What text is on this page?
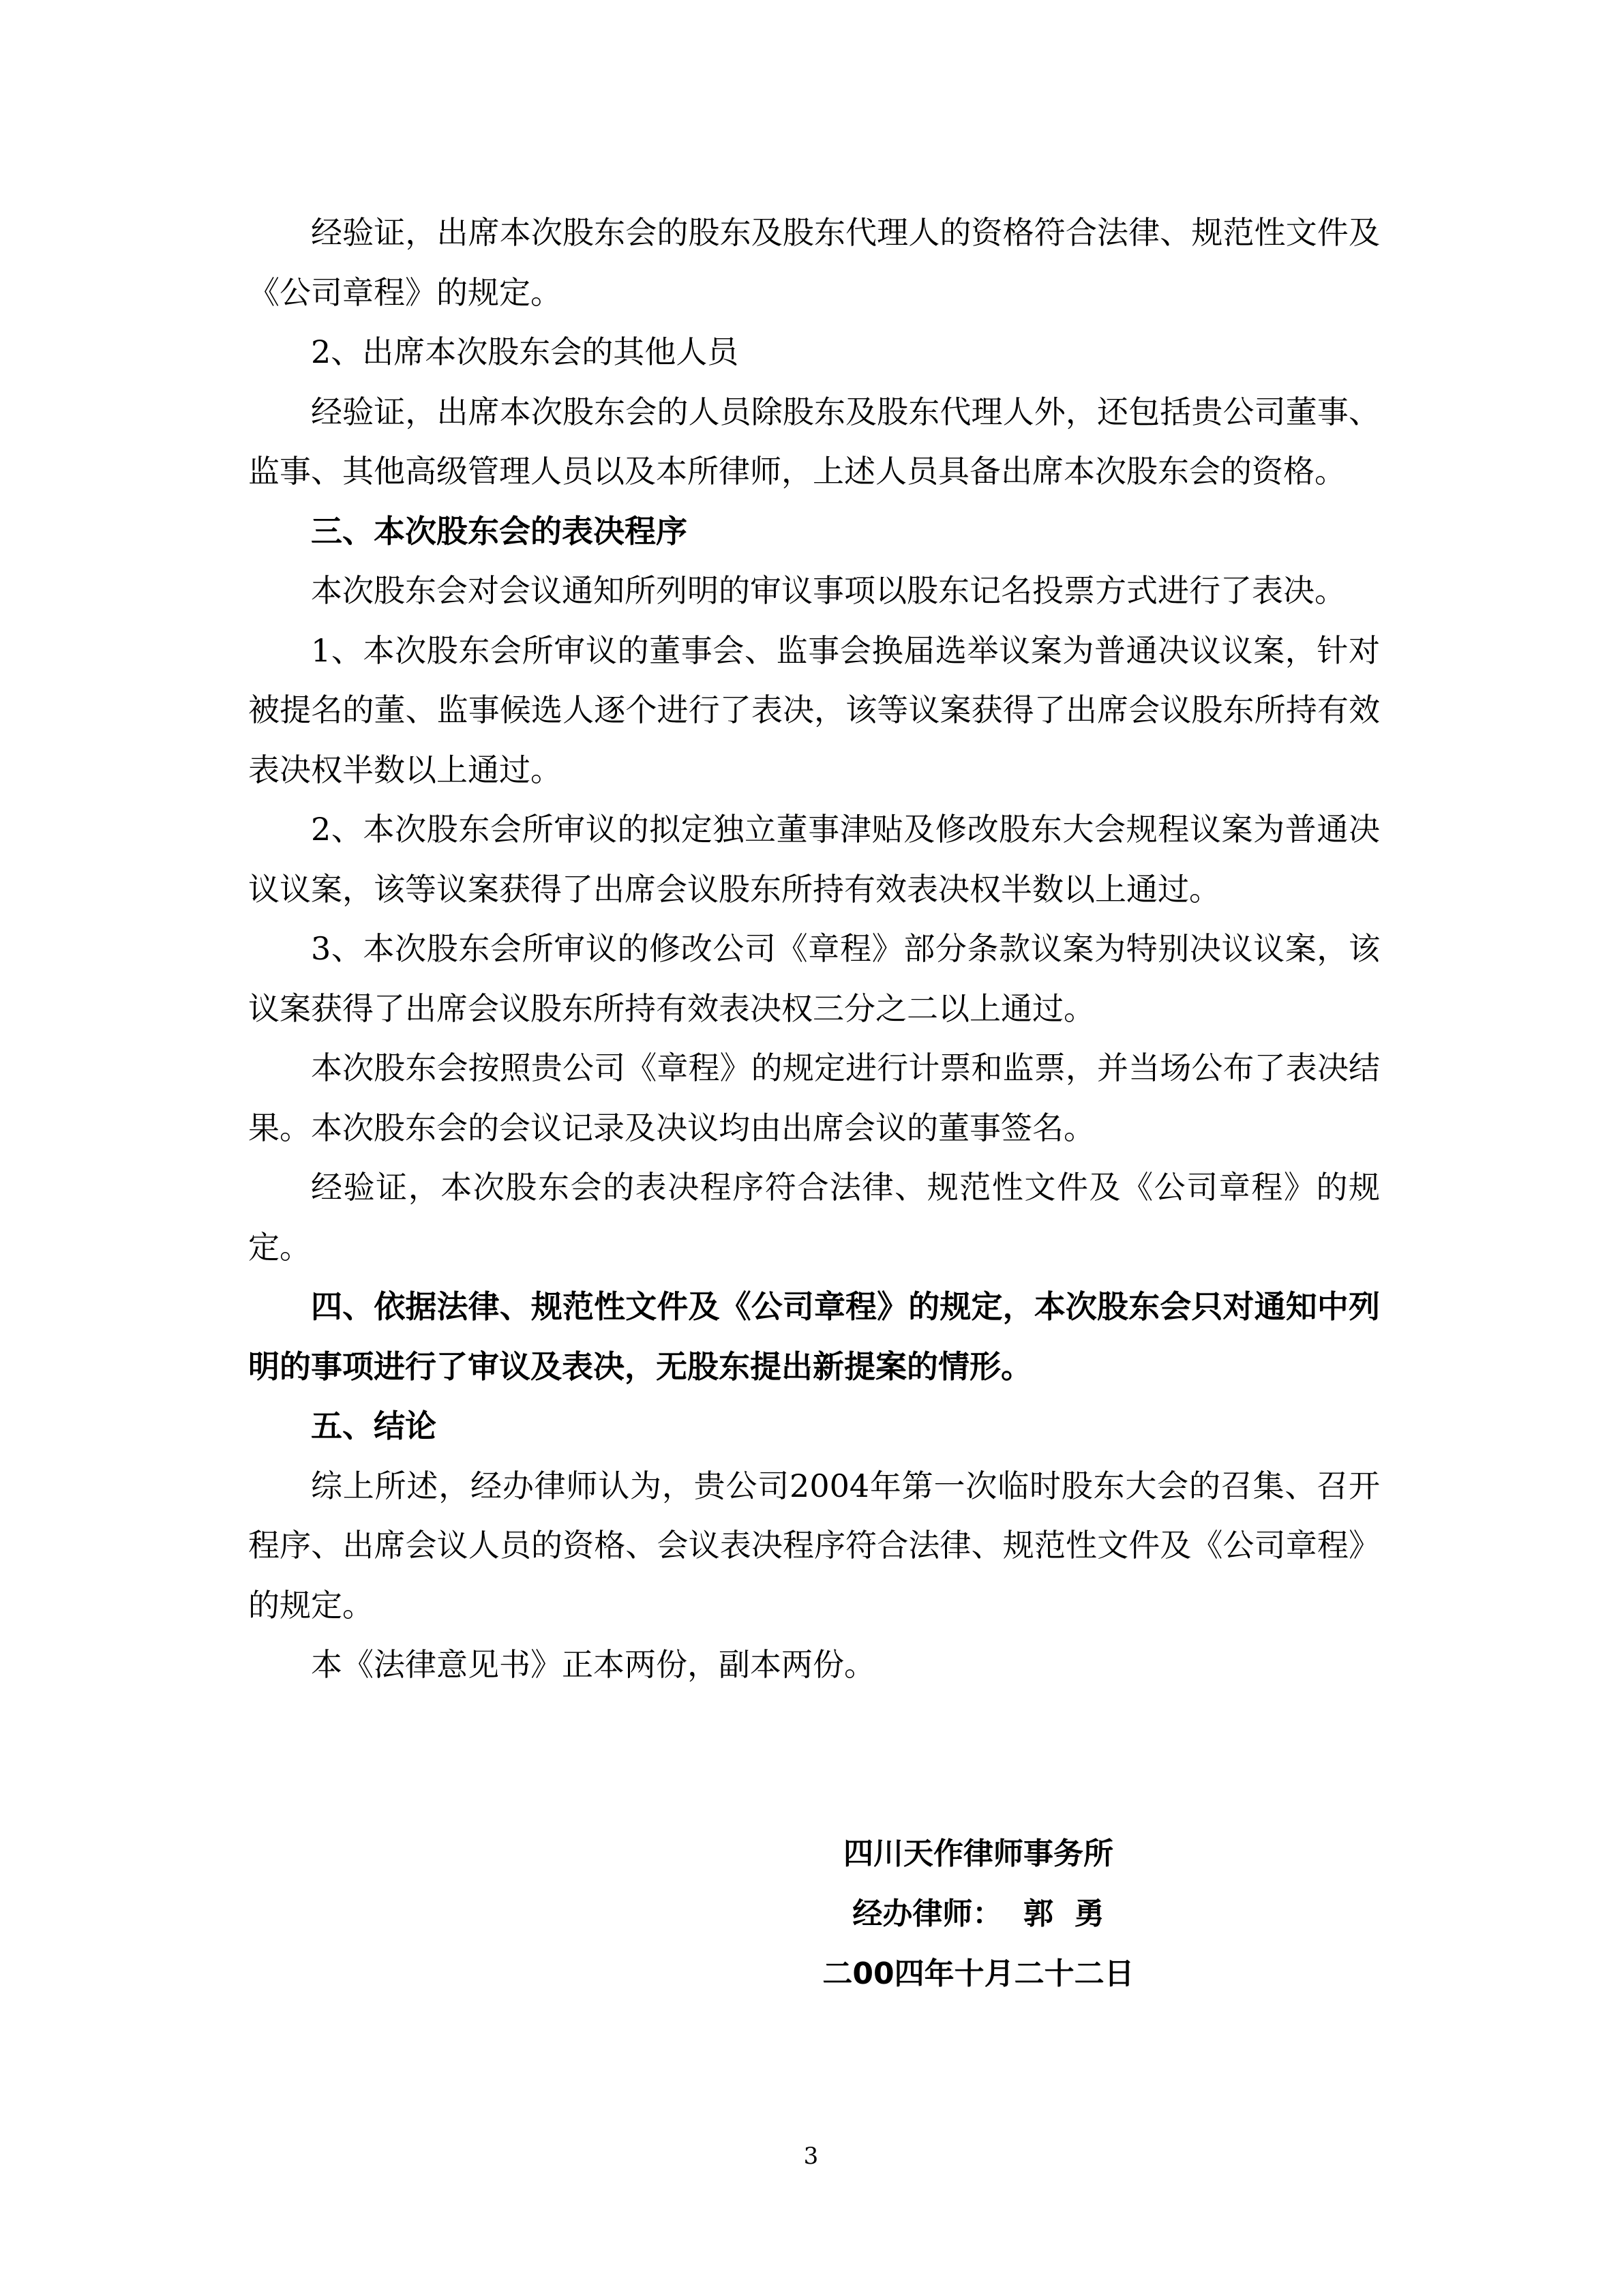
经验证，出席本次股东会的股东及股东代理人的资格符合法律、规范性文件及《公司章程》的规定。

2、出席本次股东会的其他人员

经验证，出席本次股东会的人员除股东及股东代理人外，还包括贵公司董事、监事、其他高级管理人员以及本所律师，上述人员具备出席本次股东会的资格。

三、本次股东会的表决程序

本次股东会对会议通知所列明的审议事项以股东记名投票方式进行了表决。

1、本次股东会所审议的董事会、监事会换届选举议案为普通决议议案，针对被提名的董、监事候选人逐个进行了表决，该等议案获得了出席会议股东所持有效表决权半数以上通过。

2、本次股东会所审议的拟定独立董事津贴及修改股东大会规程议案为普通决议议案，该等议案获得了出席会议股东所持有效表决权半数以上通过。

3、本次股东会所审议的修改公司《章程》部分条款议案为特别决议议案，该议案获得了出席会议股东所持有效表决权三分之二以上通过。

本次股东会按照贵公司《章程》的规定进行计票和监票，并当场公布了表决结果。本次股东会的会议记录及决议均由出席会议的董事签名。

经验证，本次股东会的表决程序符合法律、规范性文件及《公司章程》的规定。

四、依据法律、规范性文件及《公司章程》的规定，本次股东会只对通知中列明的事项进行了审议及表决，无股东提出新提案的情形。

五、结论

综上所述，经办律师认为，贵公司2004年第一次临时股东大会的召集、召开程序、出席会议人员的资格、会议表决程序符合法律、规范性文件及《公司章程》的规定。

本《法律意见书》正本两份，副本两份。

四川天作律师事务所
经办律师：  郭  勇
二00四年十月二十二日
3
